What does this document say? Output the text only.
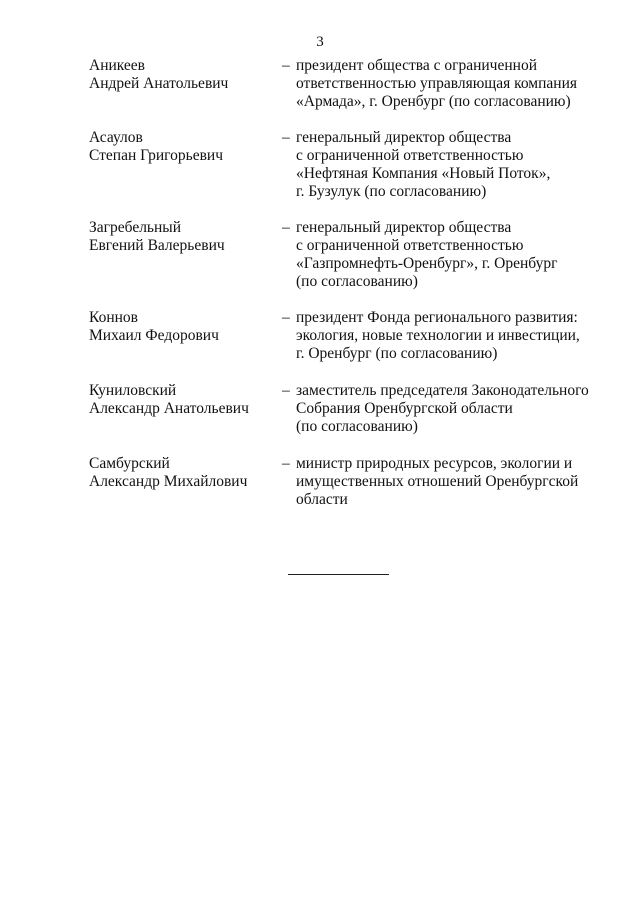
3
Аникеев
Андрей Анатольевич
– президент общества с ограниченной
ответственностью управляющая компания
«Армада», г. Оренбург (по согласованию)
Асаулов
Степан Григорьевич
– генеральный директор общества
с ограниченной ответственностью
«Нефтяная Компания «Новый Поток»,
г. Бузулук (по согласованию)
Загребельный
Евгений Валерьевич
– генеральный директор общества
с ограниченной ответственностью
«Газпромнефть-Оренбург», г. Оренбург
(по согласованию)
Коннов
Михаил Федорович
– президент Фонда регионального развития:
экология, новые технологии и инвестиции,
г. Оренбург (по согласованию)
Куниловский
Александр Анатольевич
– заместитель председателя Законодательного
Собрания Оренбургской области
(по согласованию)
Самбурский
Александр Михайлович
– министр природных ресурсов, экологии и
имущественных отношений Оренбургской
области
